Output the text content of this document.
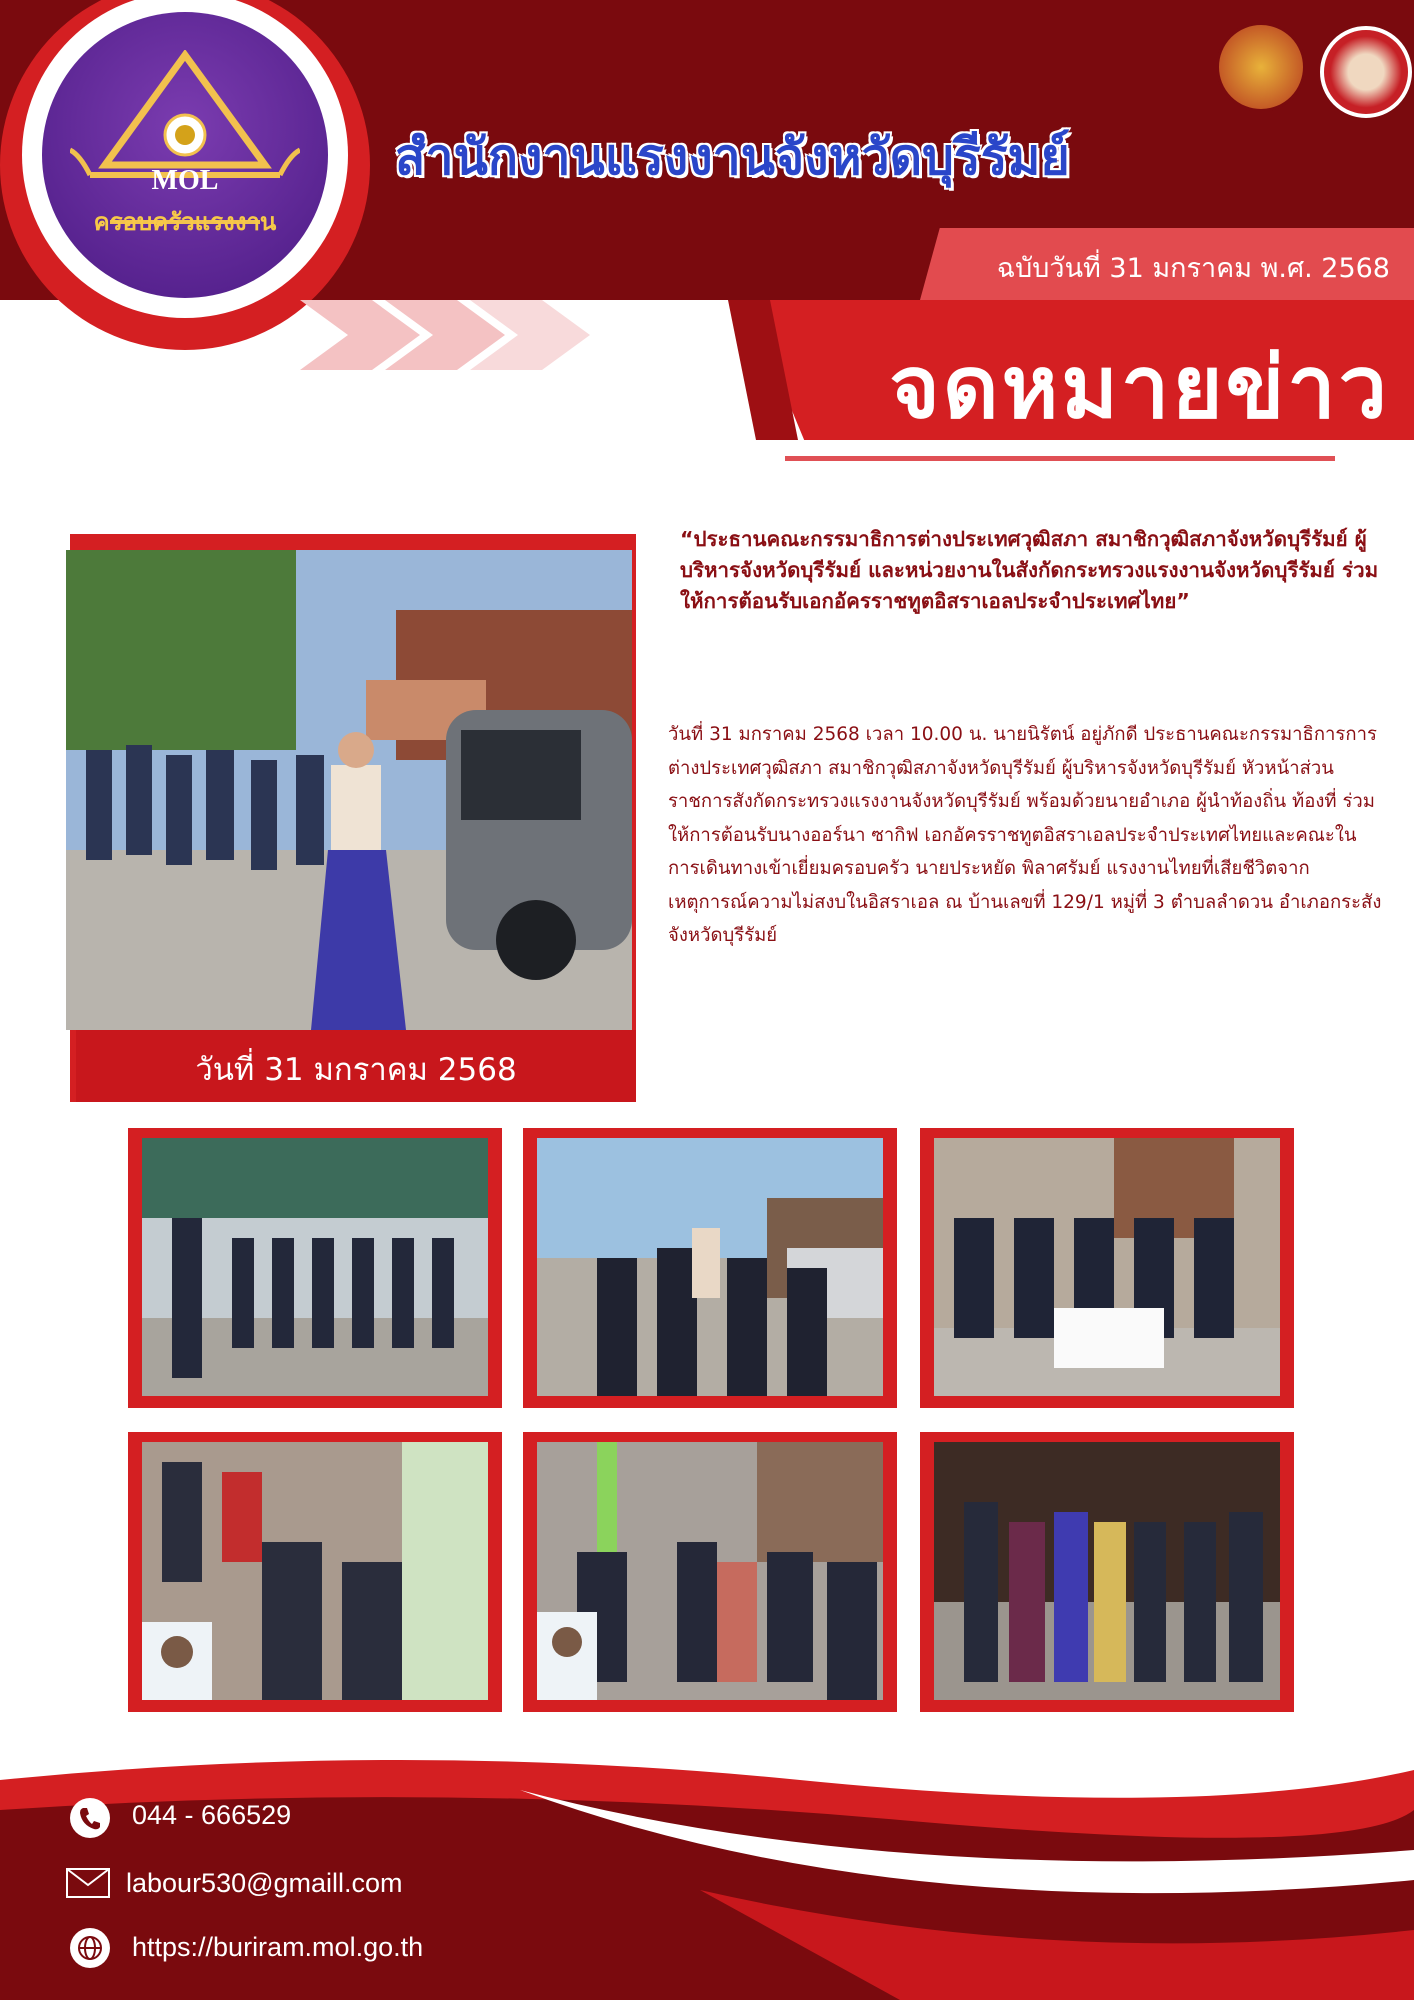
MOL
ครอบครัวแรงงาน
สำนักงานแรงงานจังหวัดบุรีรัมย์
ฉบับวันที่ 31 มกราคม พ.ศ. 2568
จดหมายข่าว
วันที่ 31 มกราคม 2568
“ประธานคณะกรรมาธิการต่างประเทศวุฒิสภา สมาชิกวุฒิสภาจังหวัดบุรีรัมย์ ผู้บริหารจังหวัดบุรีรัมย์ และหน่วยงานในสังกัดกระทรวงแรงงานจังหวัดบุรีรัมย์ ร่วมให้การต้อนรับเอกอัครราชทูตอิสราเอลประจำประเทศไทย”
วันที่ 31 มกราคม 2568 เวลา 10.00 น. นายนิรัตน์ อยู่ภักดี ประธานคณะกรรมาธิการการต่างประเทศวุฒิสภา สมาชิกวุฒิสภาจังหวัดบุรีรัมย์ ผู้บริหารจังหวัดบุรีรัมย์ หัวหน้าส่วนราชการสังกัดกระทรวงแรงงานจังหวัดบุรีรัมย์ พร้อมด้วยนายอำเภอ ผู้นำท้องถิ่น ท้องที่ ร่วมให้การต้อนรับนางออร์นา ซากิฟ เอกอัครราชทูตอิสราเอลประจำประเทศไทยและคณะในการเดินทางเข้าเยี่ยมครอบครัว นายประหยัด พิลาศรัมย์ แรงงานไทยที่เสียชีวิตจากเหตุการณ์ความไม่สงบในอิสราเอล ณ บ้านเลขที่ 129/1 หมู่ที่ 3 ตำบลลำดวน อำเภอกระสัง จังหวัดบุรีรัมย์
044 - 666529
labour530@gmaill.com
https://buriram.mol.go.th
